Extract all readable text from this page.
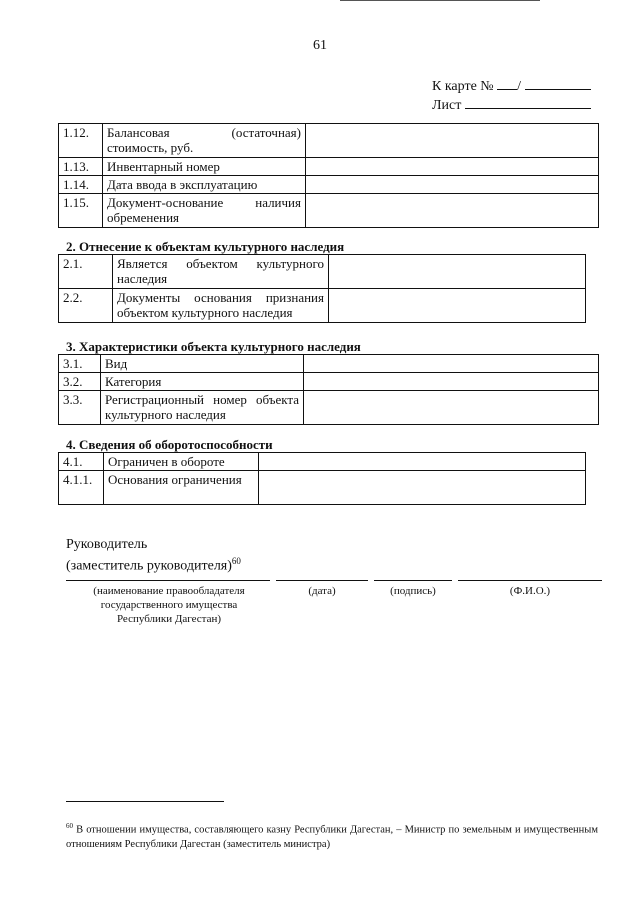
61
К карте № /
Лист
1.12.	Балансовая (остаточная) стоимость, руб.	
1.13.	Инвентарный номер	
1.14.	Дата ввода в эксплуатацию	
1.15.	Документ-основание наличия обременения	
2. Отнесение к объектам культурного наследия
2.1.	Является объектом культурного наследия	
2.2.	Документы основания признания объектом культурного наследия	
3. Характеристики объекта культурного наследия
3.1.	Вид	
3.2.	Категория	
3.3.	Регистрационный номер объекта культурного наследия	
4. Сведения об оборотоспособности
4.1.	Ограничен в обороте	
4.1.1.	Основания ограничения	
Руководитель
(заместитель руководителя)$^{60}$
(наименование правообладателя государственного имущества Республики Дагестан)
(дата)	(подпись)	(Ф.И.О.)
$^{60}$ В отношении имущества, составляющего казну Республики Дагестан, – Министр по земельным и имущественным отношениям Республики Дагестан (заместитель министра)
